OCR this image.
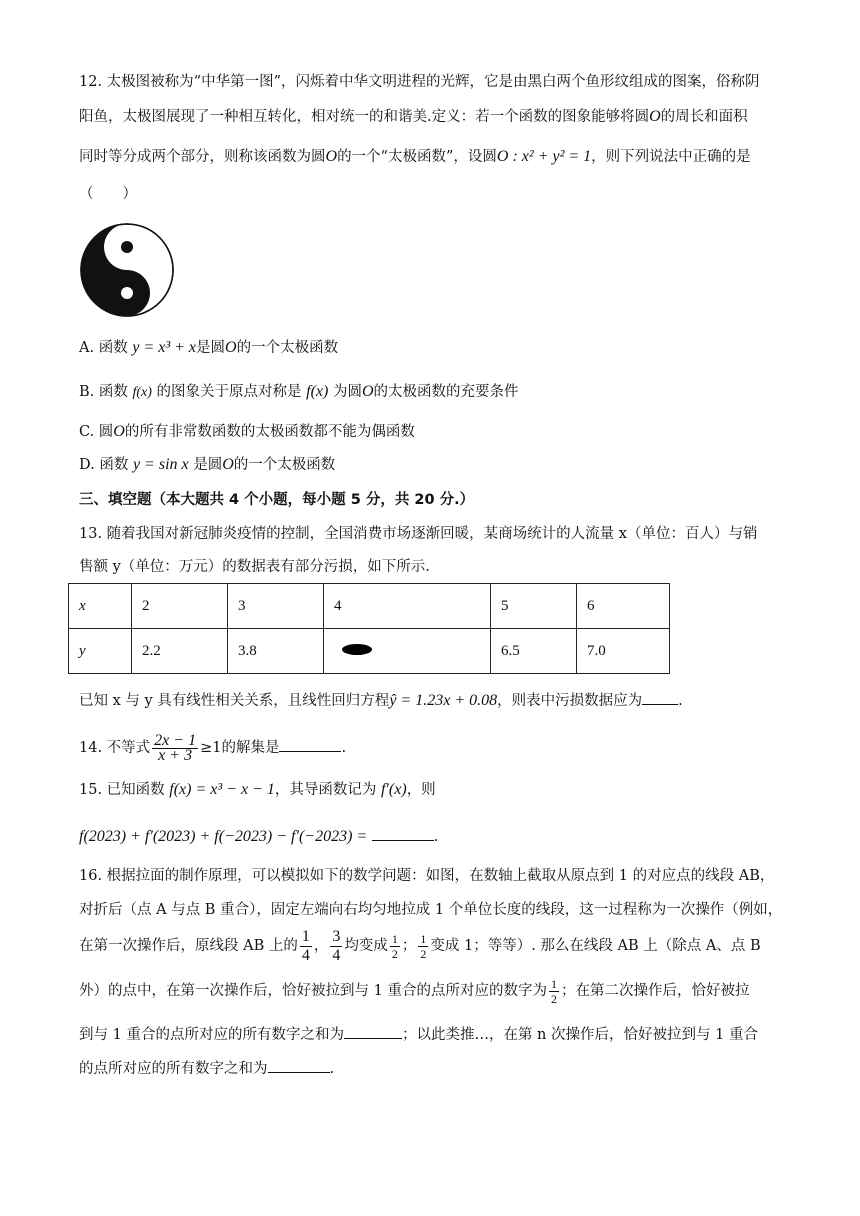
12. 太极图被称为“中华第一图”，闪烁着中华文明进程的光辉，它是由黑白两个鱼形纹组成的图案，俗称阴
阳鱼，太极图展现了一种相互转化，相对统一的和谐美.定义：若一个函数的图象能够将圆O的周长和面积
同时等分成两个部分，则称该函数为圆O的一个“太极函数”，设圆O : x² + y² = 1，则下列说法中正确的是
（　　）
A. 函数 y = x³ + x是圆O的一个太极函数
B. 函数 f(x) 的图象关于原点对称是 f(x) 为圆O的太极函数的充要条件
C. 圆O的所有非常数函数的太极函数都不能为偶函数
D. 函数 y = sin x 是圆O的一个太极函数
三、填空题（本大题共 4 个小题，每小题 5 分，共 20 分.）
13. 随着我国对新冠肺炎疫情的控制，全国消费市场逐渐回暖，某商场统计的人流量 x（单位：百人）与销
售额 y（单位：万元）的数据表有部分污损，如下所示.
x	2	3	4	5	6
y	2.2	3.8		6.5	7.0
已知 x 与 y 具有线性相关关系，且线性回归方程ŷ = 1.23x + 0.08，则表中污损数据应为 .
14. 不等式 $\frac{2x - 1}{x + 3} \ge 1$的解集是	.
15. 已知函数 f(x) = x³ − x − 1，其导函数记为 f′(x)，则
f(2023) + f′(2023) + f(−2023) − f′(−2023) =	.
16. 根据拉面的制作原理，可以模拟如下的数学问题：如图，在数轴上截取从原点到 1 的对应点的线段 AB，
对折后（点 A 与点 B 重合），固定左端向右均匀地拉成 1 个单位长度的线段，这一过程称为一次操作（例如，
在第一次操作后，原线段 AB 上的 $\frac{1}{4}$ ， $\frac{3}{4}$ 均变成 $\frac{1}{2}$ ； $\frac{1}{2}$ 变成 1；等等）. 那么在线段 AB 上（除点 A、点 B
外）的点中，在第一次操作后，恰好被拉到与 1 重合的点所对应的数字为 $\frac{1}{2}$ ；在第二次操作后，恰好被拉
到与 1 重合的点所对应的所有数字之和为	；以此类推…，在第 n 次操作后，恰好被拉到与 1 重合
的点所对应的所有数字之和为	.
